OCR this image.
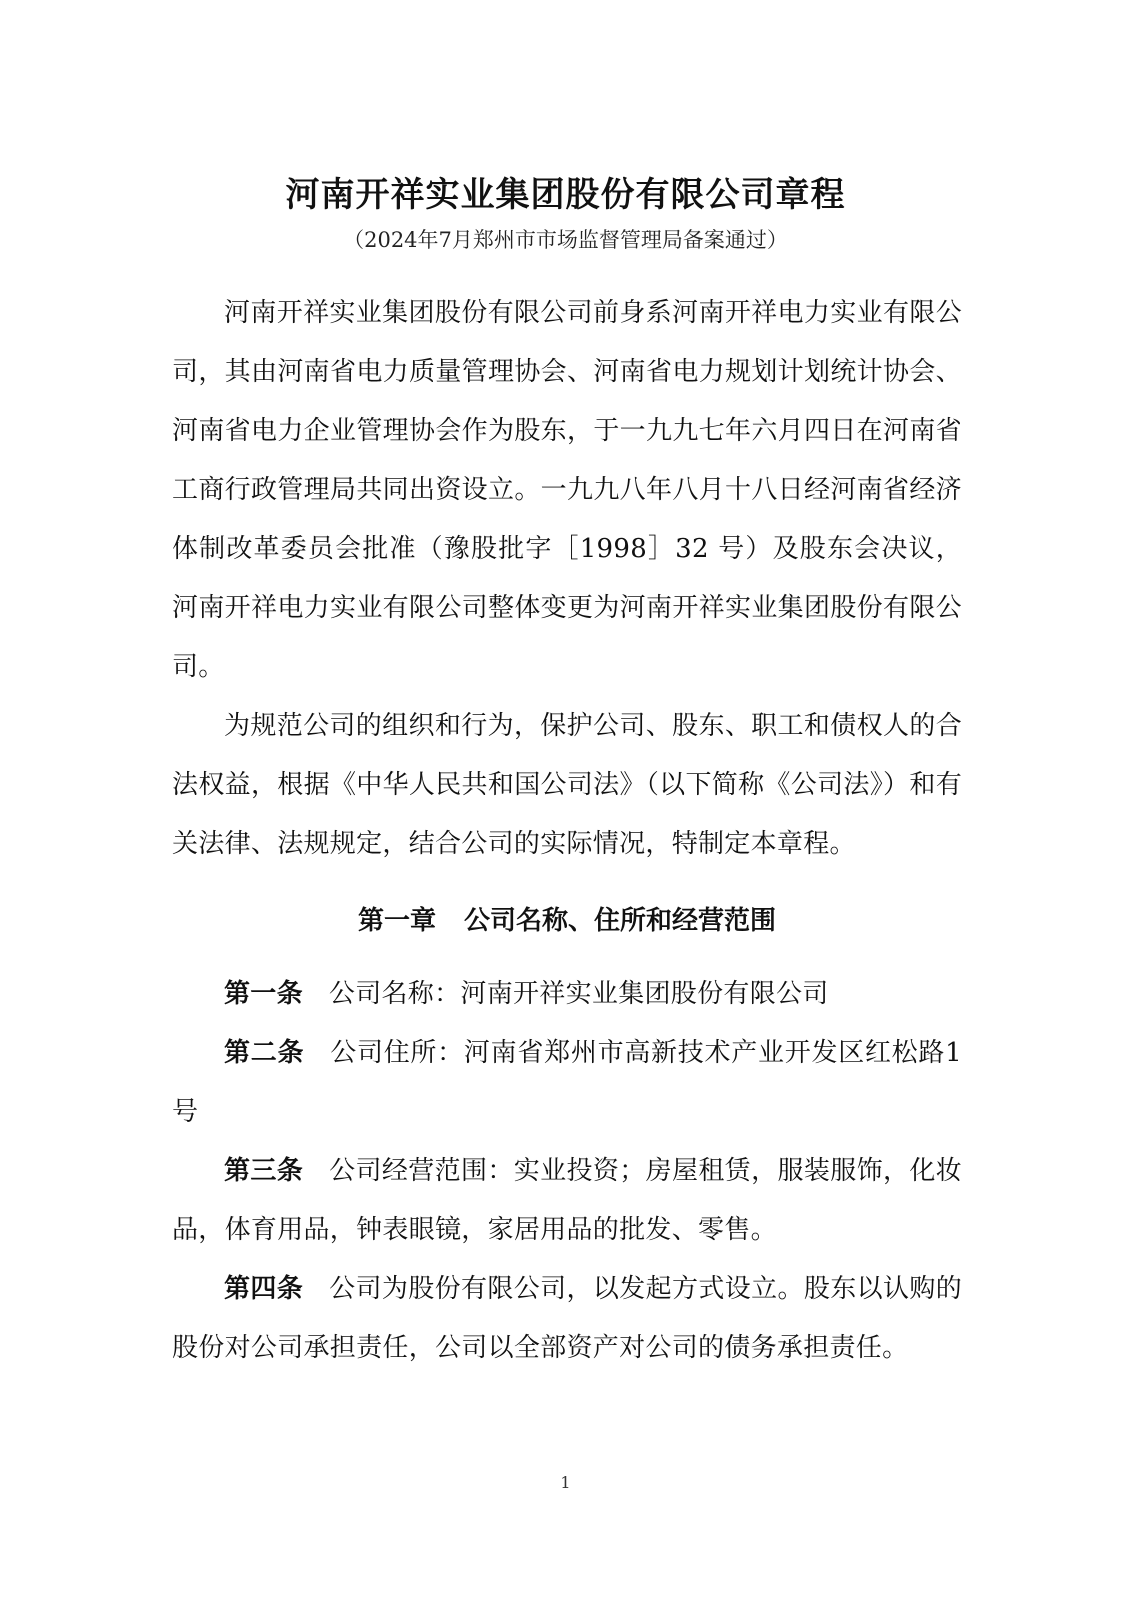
河南开祥实业集团股份有限公司章程
（2024年7月郑州市市场监督管理局备案通过）

河南开祥实业集团股份有限公司前身系河南开祥电力实业有限公司，其由河南省电力质量管理协会、河南省电力规划计划统计协会、河南省电力企业管理协会作为股东，于一九九七年六月四日在河南省工商行政管理局共同出资设立。一九九八年八月十八日经河南省经济体制改革委员会批准（豫股批字［1998］32 号）及股东会决议，河南开祥电力实业有限公司整体变更为河南开祥实业集团股份有限公司。

为规范公司的组织和行为，保护公司、股东、职工和债权人的合法权益，根据《中华人民共和国公司法》（以下简称《公司法》）和有关法律、法规规定，结合公司的实际情况，特制定本章程。

第一章 公司名称、住所和经营范围

第一条 公司名称：河南开祥实业集团股份有限公司

第二条 公司住所：河南省郑州市高新技术产业开发区红松路1号

第三条 公司经营范围：实业投资；房屋租赁，服装服饰，化妆品，体育用品，钟表眼镜，家居用品的批发、零售。

第四条 公司为股份有限公司，以发起方式设立。股东以认购的股份对公司承担责任，公司以全部资产对公司的债务承担责任。

1
